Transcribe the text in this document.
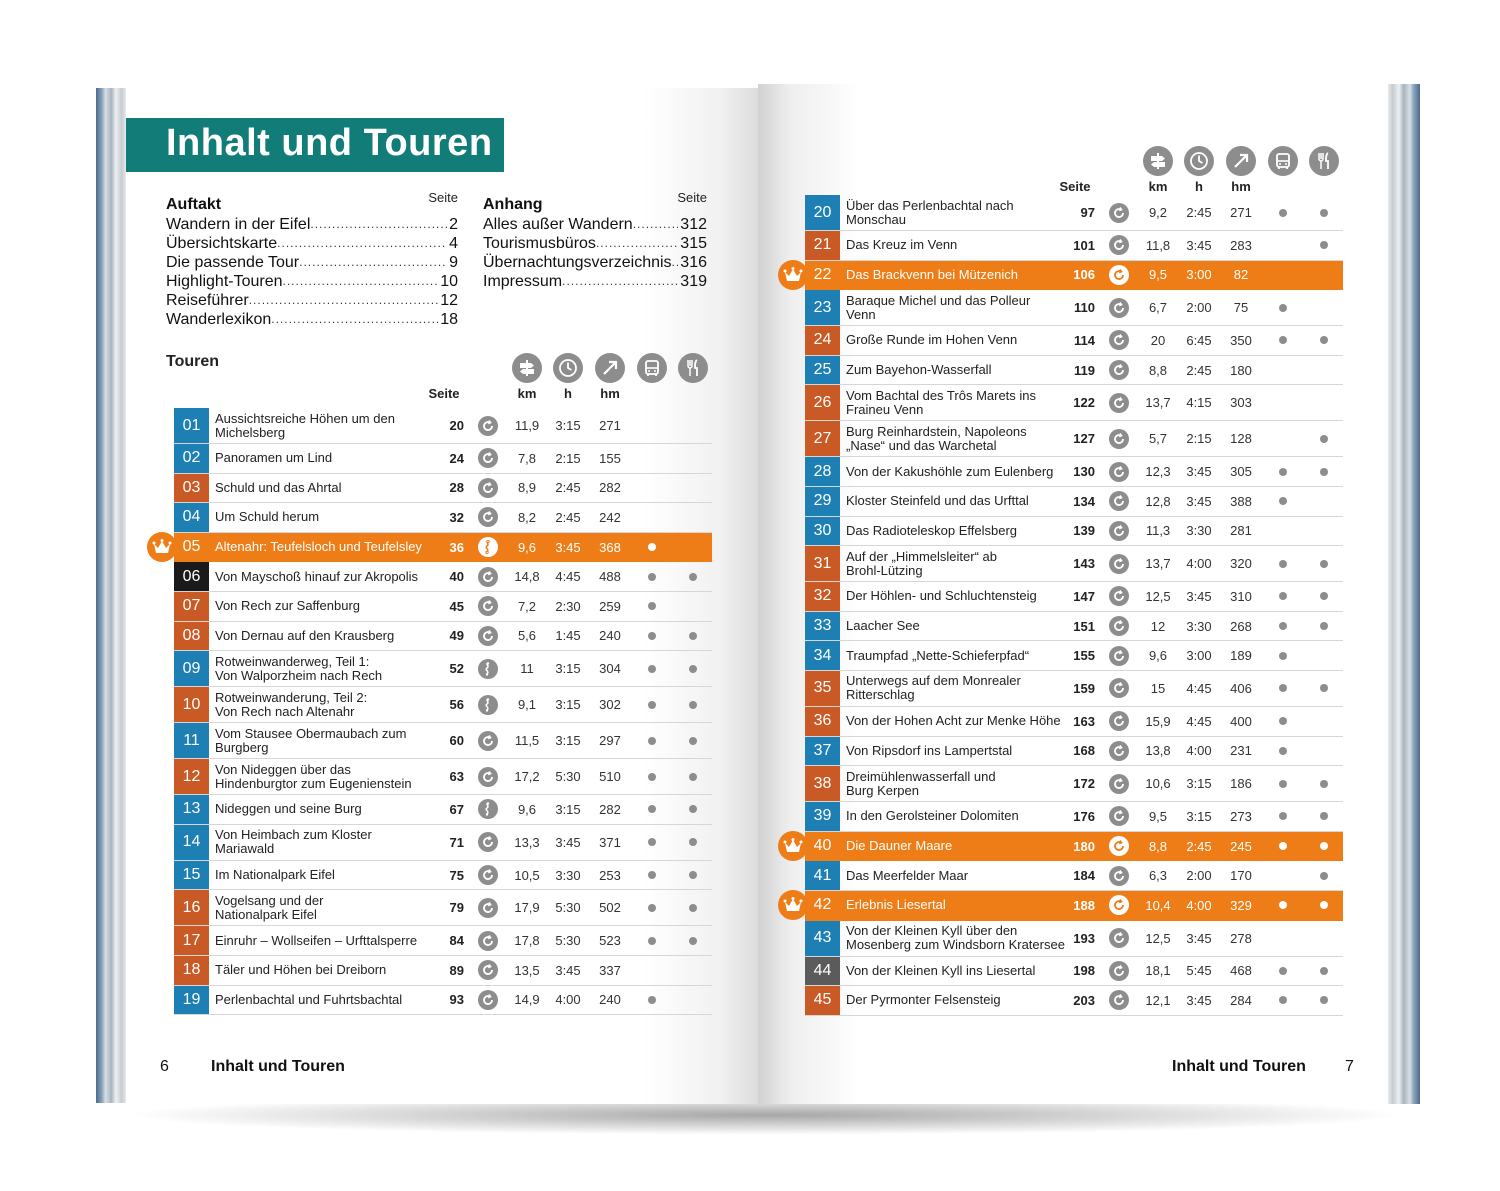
Inhalt und Touren
Auftakt	Seite
Wandern in der Eifel .....	2
Übersichtskarte .....	4
Die passende Tour .....	9
Highlight-Touren .....	10
Reiseführer .....	12
Wanderlexikon .....	18
Anhang	Seite
Alles außer Wandern .....	312
Tourismusbüros .....	315
Übernachtungsverzeichnis ..... 316
Impressum .....	319
Touren
Seite	km	h	hm
Seite	km	h	hm
01	Aussichtsreiche Höhen um den
Michelsberg	20	11,9	3:15	271
02	Panoramen um Lind	24	7,8	2:15	155
03	Schuld und das Ahrtal	28	8,9	2:45	282
04	Um Schuld herum	32	8,2	2:45	242
05	Altenahr: Teufelsloch und Teufelsley	36	9,6	3:45	368
06	Von Mayschoß hinauf zur Akropolis	40	14,8	4:45	488
07	Von Rech zur Saffenburg	45	7,2	2:30	259
08	Von Dernau auf den Krausberg	49	5,6	1:45	240
09	Rotweinwanderweg, Teil 1:
Von Walporzheim nach Rech	52	11	3:15	304
10	Rotweinwanderung, Teil 2:
Von Rech nach Altenahr	56	9,1	3:15	302
11	Vom Stausee Obermaubach zum
Burgberg	60	11,5	3:15	297
12	Von Nideggen über das
Hindenburgtor zum Eugenienstein	63	17,2	5:30	510
13	Nideggen und seine Burg	67	9,6	3:15	282
14	Von Heimbach zum Kloster
Mariawald	71	13,3	3:45	371
15	Im Nationalpark Eifel	75	10,5	3:30	253
16	Vogelsang und der
Nationalpark Eifel	79	17,9	5:30	502
17	Einruhr – Wollseifen – Urfttalsperre	84	17,8	5:30	523
18	Täler und Höhen bei Dreiborn	89	13,5	3:45	337
19	Perlenbachtal und Fuhrtsbachtal	93	14,9	4:00	240
20	Über das Perlenbachtal nach
Monschau	97	9,2	2:45	271
21	Das Kreuz im Venn	101	11,8	3:45	283
22	Das Brackvenn bei Mützenich	106	9,5	3:00	82
23	Baraque Michel und das Polleur
Venn	110	6,7	2:00	75
24	Große Runde im Hohen Venn	114	20	6:45	350
25	Zum Bayehon-Wasserfall	119	8,8	2:45	180
26	Vom Bachtal des Trôs Marets ins
Fraineu Venn	122	13,7	4:15	303
27	Burg Reinhardstein, Napoleons
„Nase“ und das Warchetal	127	5,7	2:15	128
28	Von der Kakushöhle zum Eulenberg	130	12,3	3:45	305
29	Kloster Steinfeld und das Urfttal	134	12,8	3:45	388
30	Das Radioteleskop Effelsberg	139	11,3	3:30	281
31	Auf der „Himmelsleiter“ ab
Brohl-Lützing	143	13,7	4:00	320
32	Der Höhlen- und Schluchtensteig	147	12,5	3:45	310
33	Laacher See	151	12	3:30	268
34	Traumpfad „Nette-Schieferpfad“	155	9,6	3:00	189
35	Unterwegs auf dem Monrealer
Ritterschlag	159	15	4:45	406
36	Von der Hohen Acht zur Menke Höhe 163	15,9	4:45	400
37	Von Ripsdorf ins Lampertstal	168	13,8	4:00	231
38	Dreimühlenwasserfall und
Burg Kerpen	172	10,6	3:15	186
39	In den Gerolsteiner Dolomiten	176	9,5	3:15	273
40	Die Dauner Maare	180	8,8	2:45	245
41	Das Meerfelder Maar	184	6,3	2:00	170
42	Erlebnis Liesertal	188	10,4	4:00	329
43	Von der Kleinen Kyll über den
Mosenberg zum Windsborn Kratersee 193	12,5	3:45	278
44	Von der Kleinen Kyll ins Liesertal	198	18,1	5:45	468
45	Der Pyrmonter Felsensteig	203	12,1	3:45	284
6	Inhalt und Touren	Inhalt und Touren 7
